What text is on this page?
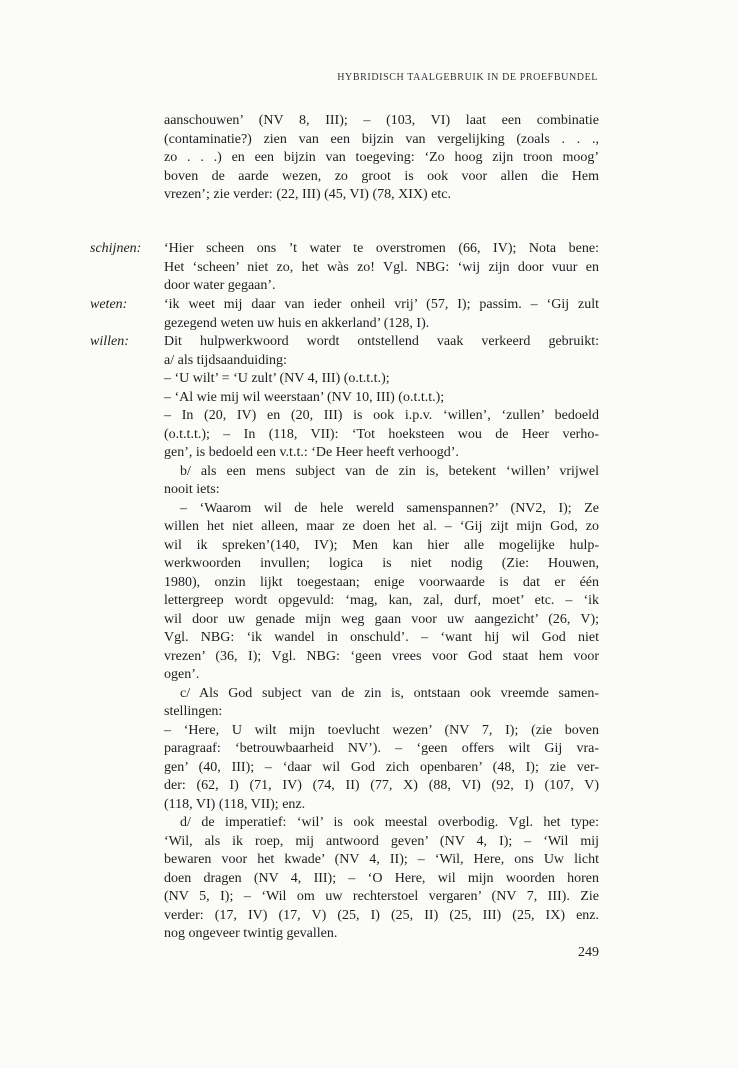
HYBRIDISCH TAALGEBRUIK IN DE PROEFBUNDEL
schijnen:
weten:
willen:
aanschouwen’ (NV 8, III); – (103, VI) laat een combinatie
(contaminatie?) zien van een bijzin van vergelijking (zoals . . .,
zo . . .) en een bijzin van toegeving: ‘Zo hoog zijn troon moog’
boven de aarde wezen, zo groot is ook voor allen die Hem
vrezen’; zie verder: (22, III) (45, VI) (78, XIX) etc.
‘Hier scheen ons ’t water te overstromen (66, IV); Nota bene:
Het ‘scheen’ niet zo, het wàs zo! Vgl. NBG: ‘wij zijn door vuur en
door water gegaan’.
‘ik weet mij daar van ieder onheil vrij’ (57, I); passim. – ‘Gij zult
gezegend weten uw huis en akkerland’ (128, I).
Dit hulpwerkwoord wordt ontstellend vaak verkeerd gebruikt:
a/ als tijdsaanduiding:
– ‘U wilt’ = ‘U zult’ (NV 4, III) (o.t.t.t.);
– ‘Al wie mij wil weerstaan’ (NV 10, III) (o.t.t.t.);
– In (20, IV) en (20, III) is ook i.p.v. ‘willen’, ‘zullen’ bedoeld
(o.t.t.t.); – In (118, VII): ‘Tot hoeksteen wou de Heer verho-
gen’, is bedoeld een v.t.t.: ‘De Heer heeft verhoogd’.
b/ als een mens subject van de zin is, betekent ‘willen’ vrijwel
nooit iets:
– ‘Waarom wil de hele wereld samenspannen?’ (NV2, I); Ze
willen het niet alleen, maar ze doen het al. – ‘Gij zijt mijn God, zo
wil ik spreken’(140, IV); Men kan hier alle mogelijke hulp-
werkwoorden invullen; logica is niet nodig (Zie: Houwen,
1980), onzin lijkt toegestaan; enige voorwaarde is dat er één
lettergreep wordt opgevuld: ‘mag, kan, zal, durf, moet’ etc. – ‘ik
wil door uw genade mijn weg gaan voor uw aangezicht’ (26, V);
Vgl. NBG: ‘ik wandel in onschuld’. – ‘want hij wil God niet
vrezen’ (36, I); Vgl. NBG: ‘geen vrees voor God staat hem voor
ogen’.
c/ Als God subject van de zin is, ontstaan ook vreemde samen-
stellingen:
– ‘Here, U wilt mijn toevlucht wezen’ (NV 7, I); (zie boven
paragraaf: ‘betrouwbaarheid NV’). – ‘geen offers wilt Gij vra-
gen’ (40, III); – ‘daar wil God zich openbaren’ (48, I); zie ver-
der: (62, I) (71, IV) (74, II) (77, X) (88, VI) (92, I) (107, V)
(118, VI) (118, VII); enz.
d/ de imperatief: ‘wil’ is ook meestal overbodig. Vgl. het type:
‘Wil, als ik roep, mij antwoord geven’ (NV 4, I); – ‘Wil mij
bewaren voor het kwade’ (NV 4, II); – ‘Wil, Here, ons Uw licht
doen dragen (NV 4, III); – ‘O Here, wil mijn woorden horen
(NV 5, I); – ‘Wil om uw rechterstoel vergaren’ (NV 7, III). Zie
verder: (17, IV) (17, V) (25, I) (25, II) (25, III) (25, IX) enz.
nog ongeveer twintig gevallen.
249
